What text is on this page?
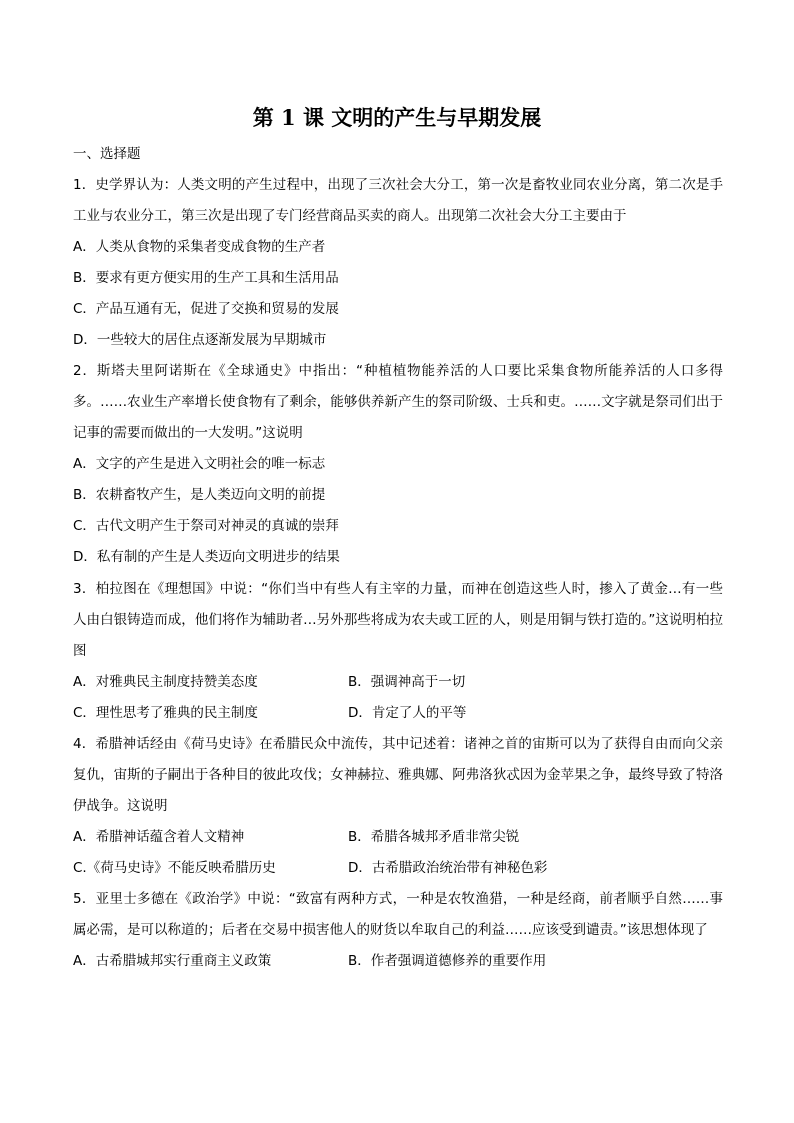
第 1 课 文明的产生与早期发展
一、选择题
1．史学界认为：人类文明的产生过程中，出现了三次社会大分工，第一次是畜牧业同农业分离，第二次是手工业与农业分工，第三次是出现了专门经营商品买卖的商人。出现第二次社会大分工主要由于
A．人类从食物的采集者变成食物的生产者
B．要求有更方便实用的生产工具和生活用品
C．产品互通有无，促进了交换和贸易的发展
D．一些较大的居住点逐渐发展为早期城市
2．斯塔夫里阿诺斯在《全球通史》中指出：“种植植物能养活的人口要比采集食物所能养活的人口多得多。……农业生产率增长使食物有了剩余，能够供养新产生的祭司阶级、士兵和吏。……文字就是祭司们出于记事的需要而做出的一大发明。”这说明
A．文字的产生是进入文明社会的唯一标志
B．农耕畜牧产生，是人类迈向文明的前提
C．古代文明产生于祭司对神灵的真诚的崇拜
D．私有制的产生是人类迈向文明进步的结果
3．柏拉图在《理想国》中说：“你们当中有些人有主宰的力量，而神在创造这些人时，掺入了黄金…有一些人由白银铸造而成，他们将作为辅助者…另外那些将成为农夫或工匠的人，则是用铜与铁打造的。”这说明柏拉图
A．对雅典民主制度持赞美态度	B．强调神高于一切
C．理性思考了雅典的民主制度	D．肯定了人的平等
4．希腊神话经由《荷马史诗》在希腊民众中流传，其中记述着：诸神之首的宙斯可以为了获得自由而向父亲复仇，宙斯的子嗣出于各种目的彼此攻伐；女神赫拉、雅典娜、阿弗洛狄忒因为金苹果之争，最终导致了特洛伊战争。这说明
A．希腊神话蕴含着人文精神	B．希腊各城邦矛盾非常尖锐
C.《荷马史诗》不能反映希腊历史	D．古希腊政治统治带有神秘色彩
5．亚里士多德在《政治学》中说：“致富有两种方式，一种是农牧渔猎，一种是经商，前者顺乎自然……事属必需，是可以称道的；后者在交易中损害他人的财货以牟取自己的利益……应该受到谴责。”该思想体现了
A．古希腊城邦实行重商主义政策	B．作者强调道德修养的重要作用
